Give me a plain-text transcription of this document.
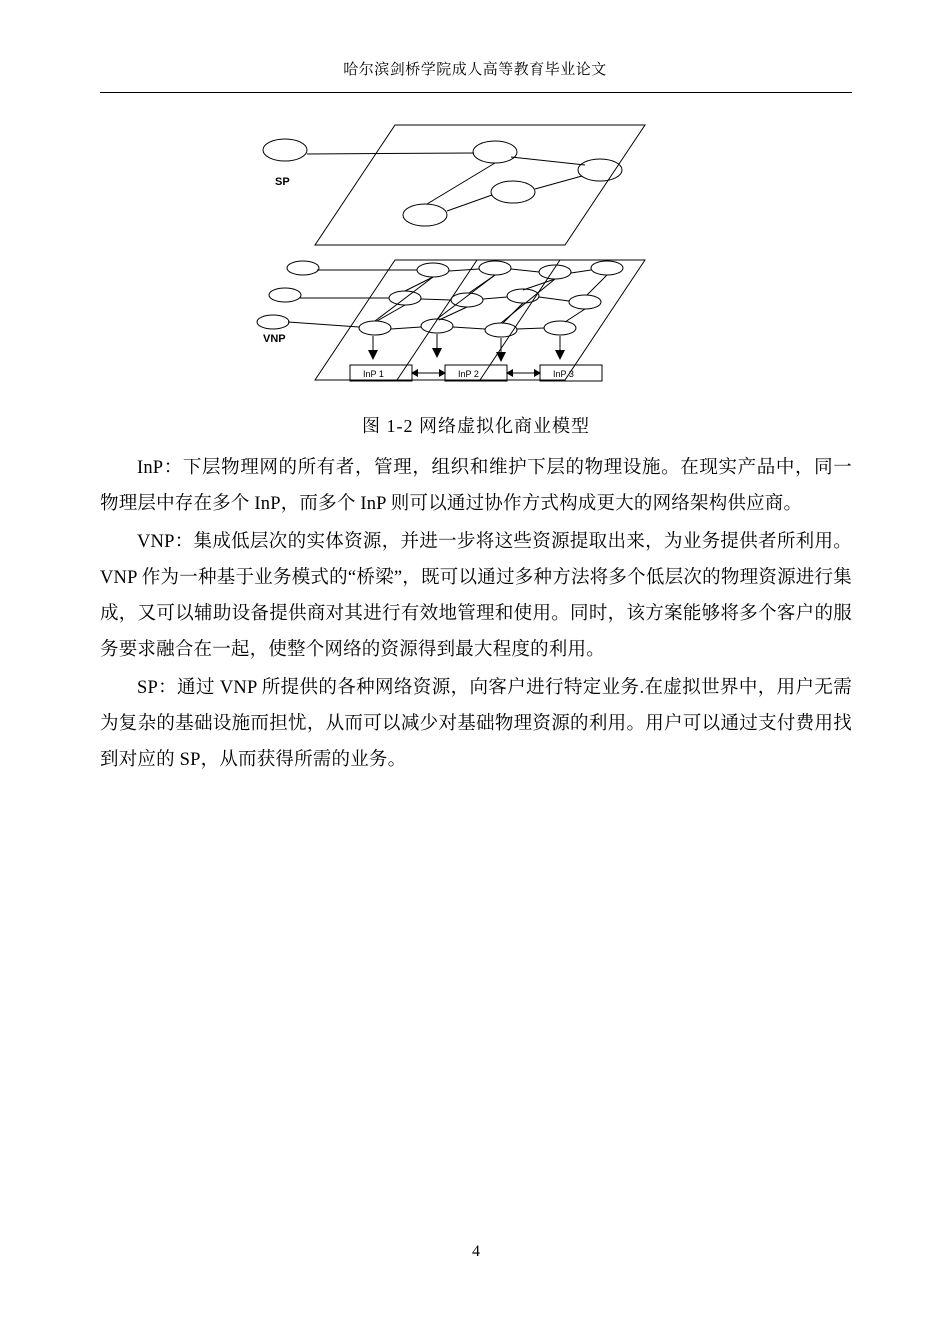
哈尔滨剑桥学院成人高等教育毕业论文
SP
VNP
InP 1	InP 2	InP 3
图 1-2 网络虚拟化商业模型

InP：下层物理网的所有者，管理，组织和维护下层的物理设施。在现实产品中，同一物理层中存在多个 InP，而多个 InP 则可以通过协作方式构成更大的网络架构供应商。

VNP：集成低层次的实体资源，并进一步将这些资源提取出来，为业务提供者所利用。VNP 作为一种基于业务模式的“桥梁”，既可以通过多种方法将多个低层次的物理资源进行集成，又可以辅助设备提供商对其进行有效地管理和使用。同时，该方案能够将多个客户的服务要求融合在一起，使整个网络的资源得到最大程度的利用。

SP：通过 VNP 所提供的各种网络资源，向客户进行特定业务.在虚拟世界中，用户无需为复杂的基础设施而担忧，从而可以减少对基础物理资源的利用。用户可以通过支付费用找到对应的 SP，从而获得所需的业务。

4
